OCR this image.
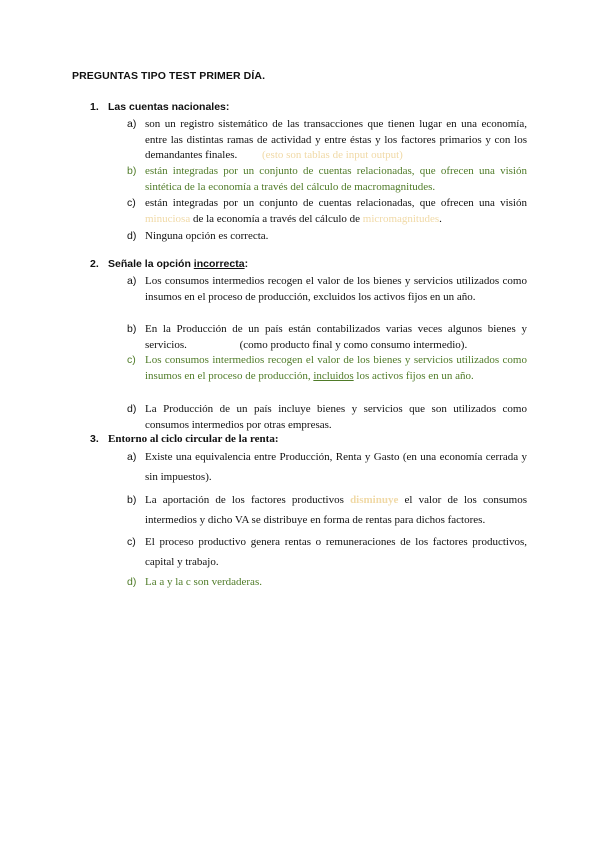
PREGUNTAS TIPO TEST PRIMER DÍA.
1. Las cuentas nacionales:
a) son un registro sistemático de las transacciones que tienen lugar en una economía, entre las distintas ramas de actividad y entre éstas y los factores primarios y con los demandantes finales. (esto son tablas de input output)
b) están integradas por un conjunto de cuentas relacionadas, que ofrecen una visión sintética de la economía a través del cálculo de macromagnitudes.
c) están integradas por un conjunto de cuentas relacionadas, que ofrecen una visión minuciosa de la economía a través del cálculo de micromagnitudes.
d) Ninguna opción es correcta.
2. Señale la opción incorrecta:
a) Los consumos intermedios recogen el valor de los bienes y servicios utilizados como insumos en el proceso de producción, excluidos los activos fijos en un año.
b) En la Producción de un país están contabilizados varias veces algunos bienes y servicios.	(como producto final y como consumo intermedio).
c) Los consumos intermedios recogen el valor de los bienes y servicios utilizados como insumos en el proceso de producción, incluidos los activos fijos en un año.
d) La Producción de un país incluye bienes y servicios que son utilizados como consumos intermedios por otras empresas.
3. Entorno al ciclo circular de la renta:
a) Existe una equivalencia entre Producción, Renta y Gasto (en una economía cerrada y sin impuestos).
b) La aportación de los factores productivos disminuye el valor de los consumos intermedios y dicho VA se distribuye en forma de rentas para dichos factores.
c) El proceso productivo genera rentas o remuneraciones de los factores productivos, capital y trabajo.
d) La a y la c son verdaderas.
